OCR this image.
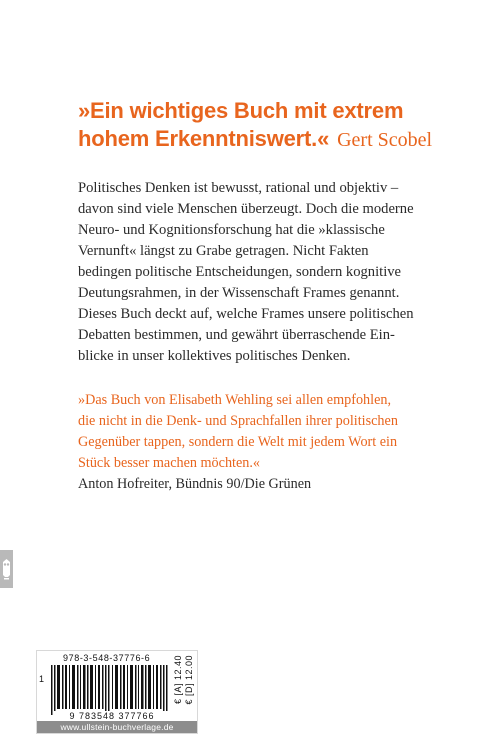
»Ein wichtiges Buch mit extrem
hohem Erkenntniswert.« Gert Scobel
Politisches Denken ist bewusst, rational und objektiv –
davon sind viele Menschen überzeugt. Doch die moderne
Neuro- und Kognitionsforschung hat die »klassische
Vernunft« längst zu Grabe getragen. Nicht Fakten
bedingen politische Entscheidungen, sondern kognitive
Deutungsrahmen, in der Wissenschaft Frames genannt.
Dieses Buch deckt auf, welche Frames unsere politischen
Debatten bestimmen, und gewährt überraschende Ein-
blicke in unser kollektives politisches Denken.
»Das Buch von Elisabeth Wehling sei allen empfohlen,
die nicht in die Denk- und Sprachfallen ihrer politischen
Gegenüber tappen, sondern die Welt mit jedem Wort ein
Stück besser machen möchten.«
Anton Hofreiter, Bündnis 90/Die Grünen
978-3-548-37776-6
1
9 783548 377766
€ [D] 12.00
€ [A] 12.40
www.ullstein-buchverlage.de
